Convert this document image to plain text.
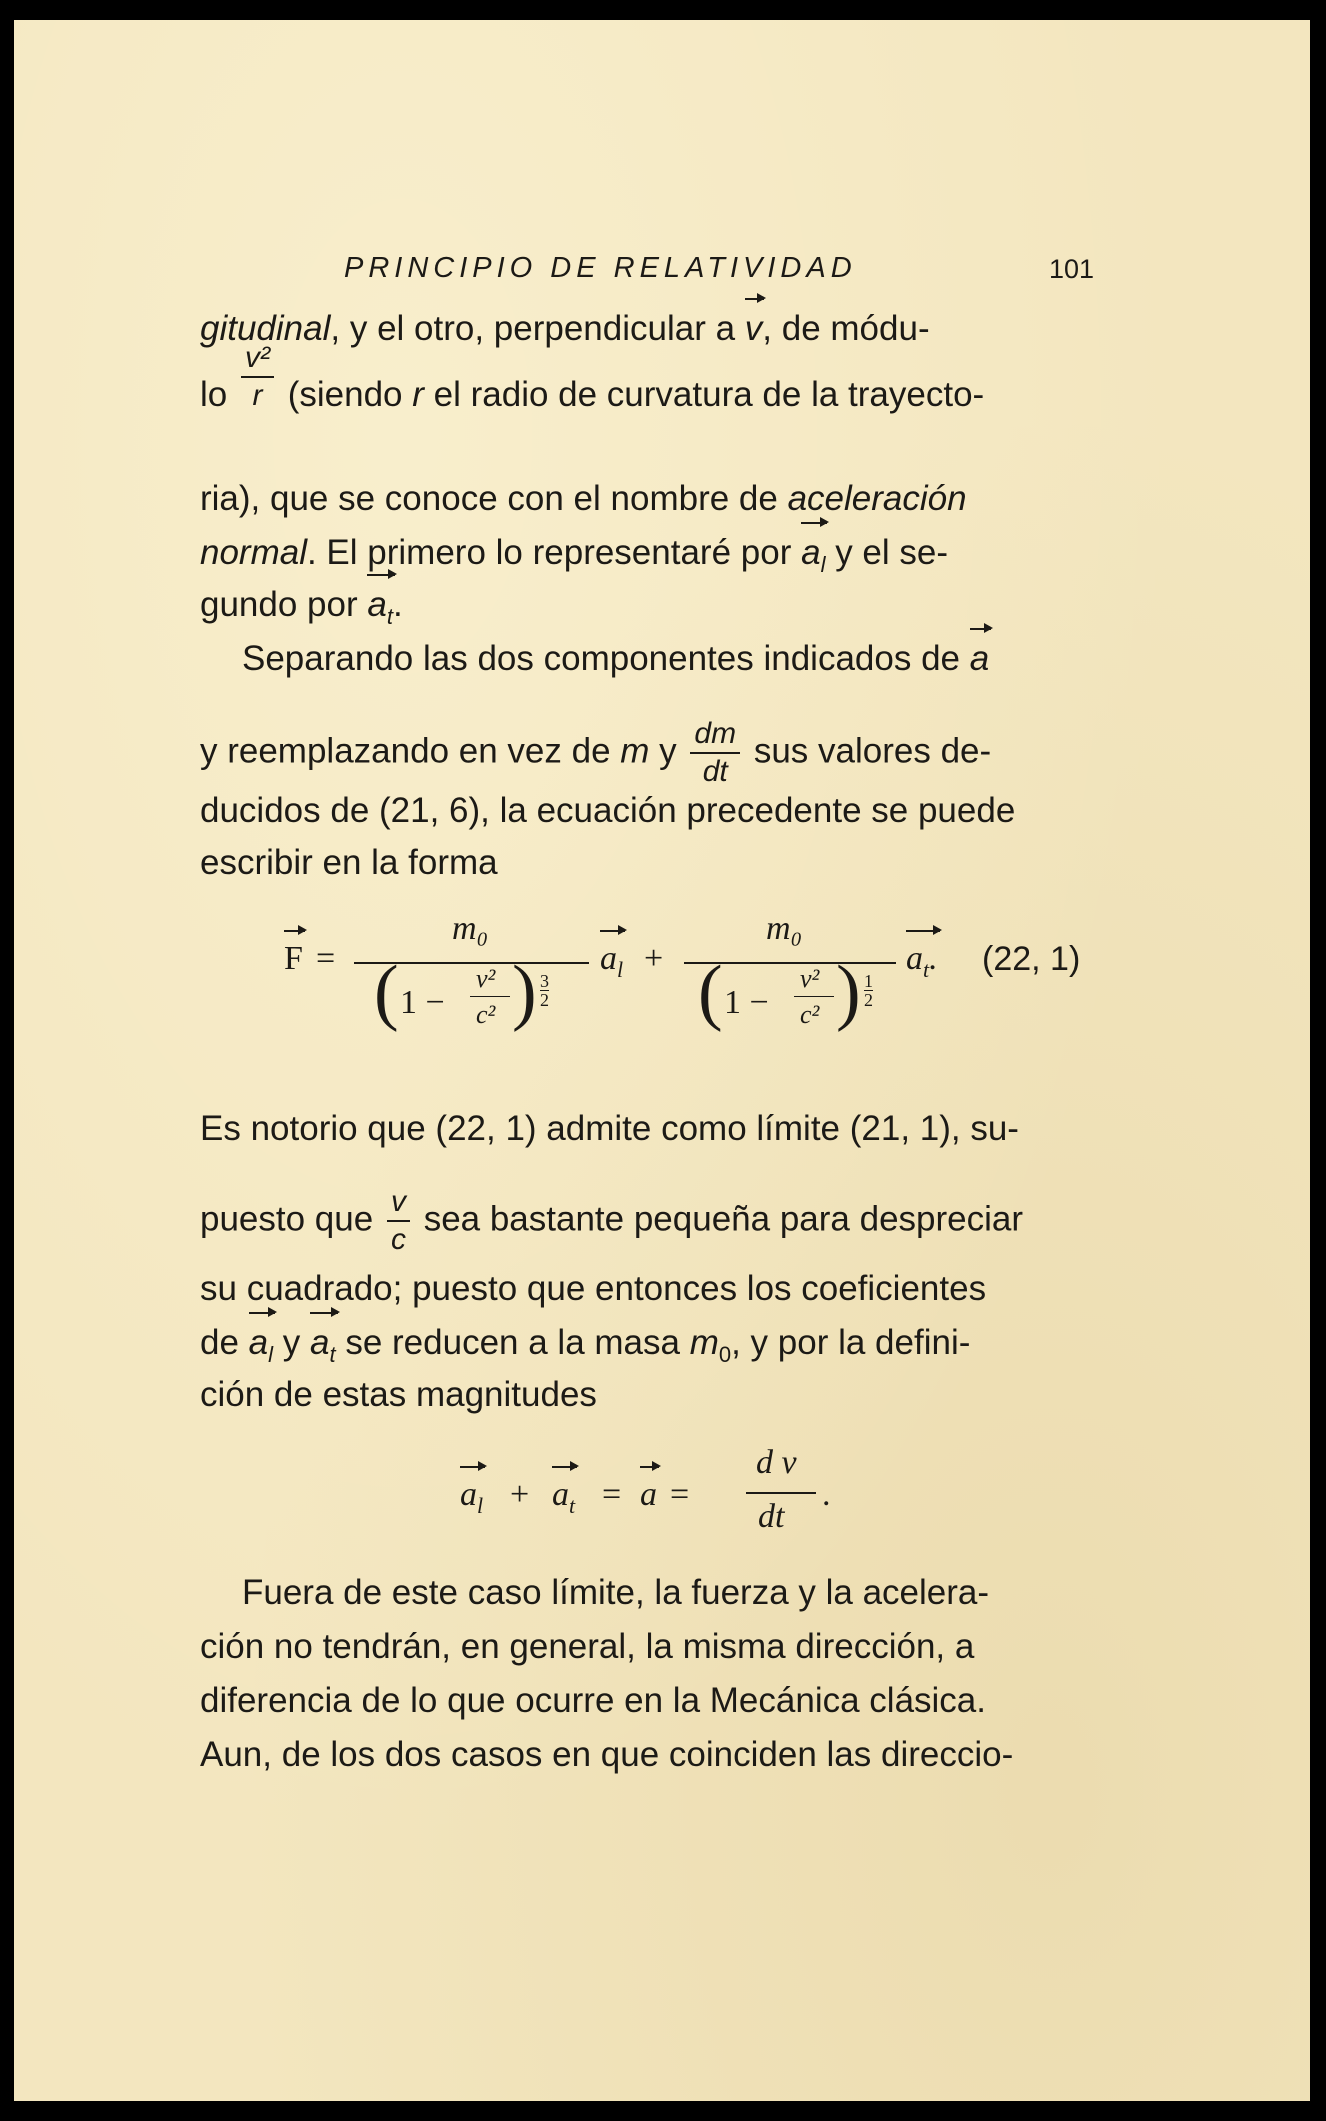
PRINCIPIO DE RELATIVIDAD	101
gitudinal, y el otro, perpendicular a v, de módu-
lo $\frac{\text{v²}}{r}$ (siendo r el radio de curvatura de la trayecto-
ria), que se conoce con el nombre de aceleración
normal. El primero lo representaré por $a_l$ y el se-
gundo por $a_t$.
Separando las dos componentes indicados de a
y reemplazando en vez de m y $\frac{dm}{dt}$ sus valores de-
ducidos de (21, 6), la ecuación precedente se puede
escribir en la forma
F =
m₀
( 1 −
v²
c² ) 3
2
$a_l$ +
m₀
( 1 −
v²
c² ) 1
2
$a_t$. (22, 1)
Es notorio que (22, 1) admite como límite (21, 1), su-
puesto que $\frac{v}{c}$ sea bastante pequeña para despreciar
su cuadrado; puesto que entonces los coeficientes
de $a_l$ y $a_t$ se reducen a la masa $m_0$, y por la defini-
ción de estas magnitudes
$a_l + a_t = a$ =
d v
dt
.
Fuera de este caso límite, la fuerza y la acelera-
ción no tendrán, en general, la misma dirección, a
diferencia de lo que ocurre en la Mecánica clásica.
Aun, de los dos casos en que coinciden las direccio-
